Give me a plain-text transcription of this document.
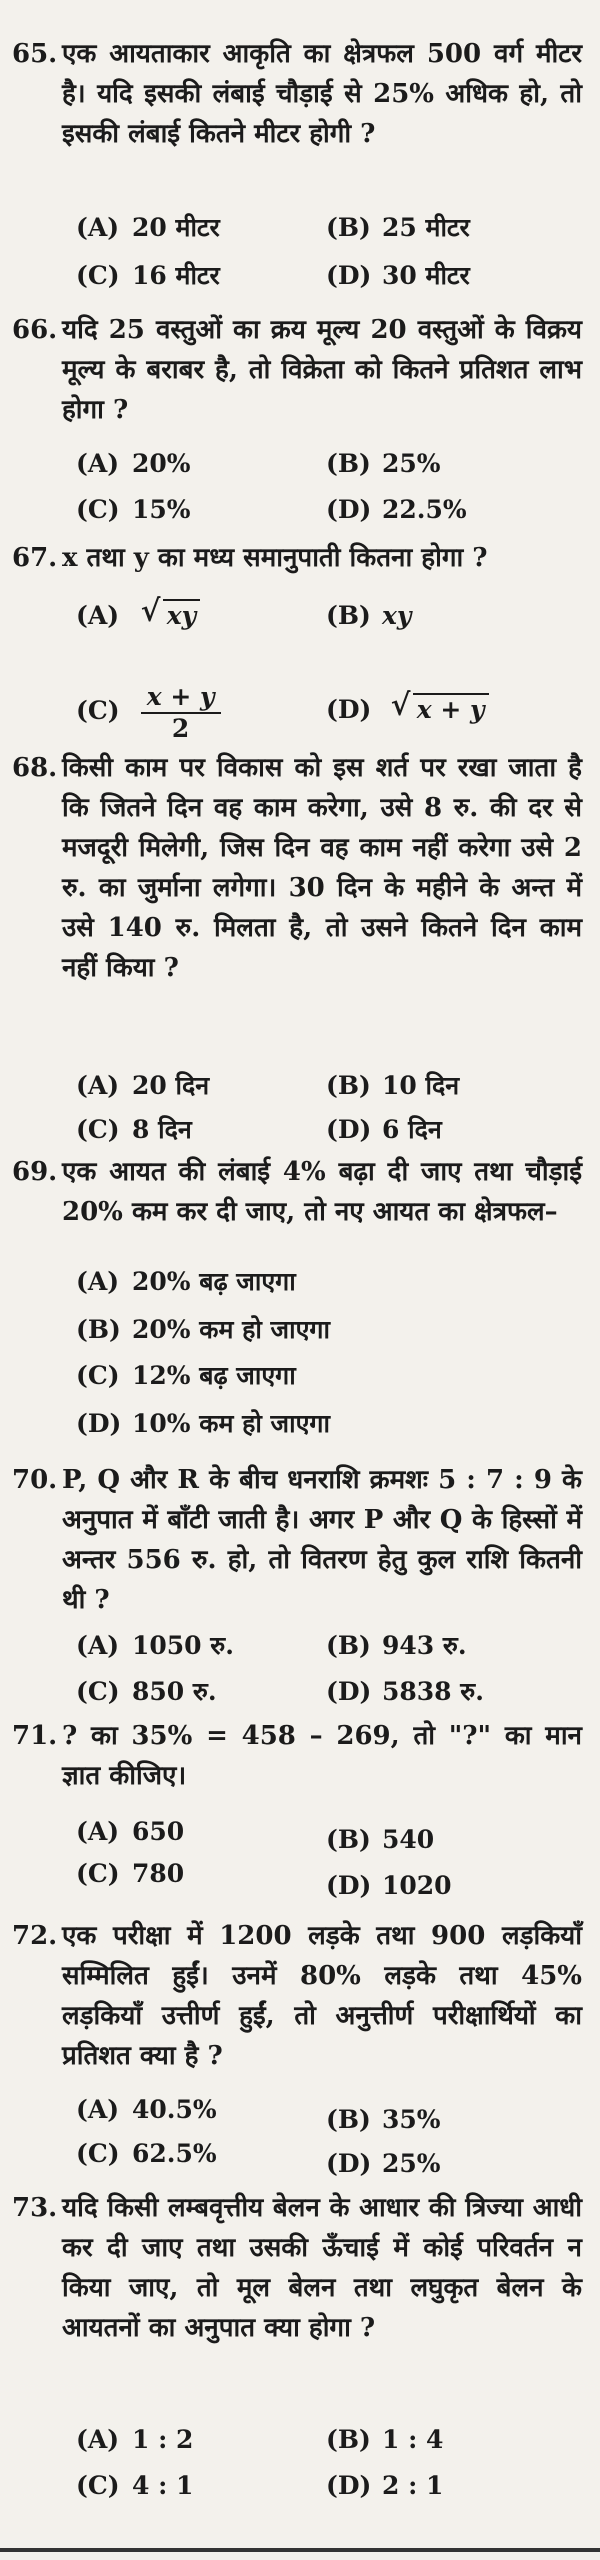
65. एक आयताकार आकृति का क्षेत्रफल 500 वर्ग मीटर है। यदि इसकी लंबाई चौड़ाई से 25% अधिक हो, तो इसकी लंबाई कितने मीटर होगी ?

(A) 20 मीटर	(B) 25 मीटर
(C) 16 मीटर	(D) 30 मीटर
66. यदि 25 वस्तुओं का क्रय मूल्य 20 वस्तुओं के विक्रय मूल्य के बराबर है, तो विक्रेता को कितने प्रतिशत लाभ होगा ?

(A) 20%	(B) 25%
(C) 15%	(D) 22.5%
67. x तथा y का मध्य समानुपाती कितना होगा ?

(A) √ xy	(B) xy
$(C) \frac{x + y}{2}$	(D) √ x + y
68. किसी काम पर विकास को इस शर्त पर रखा जाता है कि जितने दिन वह काम करेगा, उसे 8 रु. की दर से मजदूरी मिलेगी, जिस दिन वह काम नहीं करेगा उसे 2 रु. का जुर्माना लगेगा। 30 दिन के महीने के अन्त में उसे 140 रु. मिलता है, तो उसने कितने दिन काम नहीं किया ?

(A) 20 दिन	(B) 10 दिन
(C) 8 दिन	(D) 6 दिन
69. एक आयत की लंबाई 4% बढ़ा दी जाए तथा चौड़ाई 20% कम कर दी जाए, तो नए आयत का क्षेत्रफल–

(A) 20% बढ़ जाएगा
(B) 20% कम हो जाएगा
(C) 12% बढ़ जाएगा
(D) 10% कम हो जाएगा
70. P, Q और R के बीच धनराशि क्रमशः 5 : 7 : 9 के अनुपात में बाँटी जाती है। अगर P और Q के हिस्सों में अन्तर 556 रु. हो, तो वितरण हेतु कुल राशि कितनी थी ?

(A) 1050 रु.	(B) 943 रु.
(C) 850 रु.	(D) 5838 रु.
71. ? का 35% = 458 – 269, तो "?" का मान ज्ञात कीजिए।

(A) 650	(B) 540
(C) 780	(D) 1020
72. एक परीक्षा में 1200 लड़के तथा 900 लड़कियाँ सम्मिलित हुईं। उनमें 80% लड़के तथा 45% लड़कियाँ उत्तीर्ण हुईं, तो अनुत्तीर्ण परीक्षार्थियों का प्रतिशत क्या है ?

(A) 40.5%	(B) 35%
(C) 62.5%	(D) 25%
73. यदि किसी लम्बवृत्तीय बेलन के आधार की त्रिज्या आधी कर दी जाए तथा उसकी ऊँचाई में कोई परिवर्तन न किया जाए, तो मूल बेलन तथा लघुकृत बेलन के आयतनों का अनुपात क्या होगा ?

(A) 1 : 2	(B) 1 : 4
(C) 4 : 1	(D) 2 : 1
